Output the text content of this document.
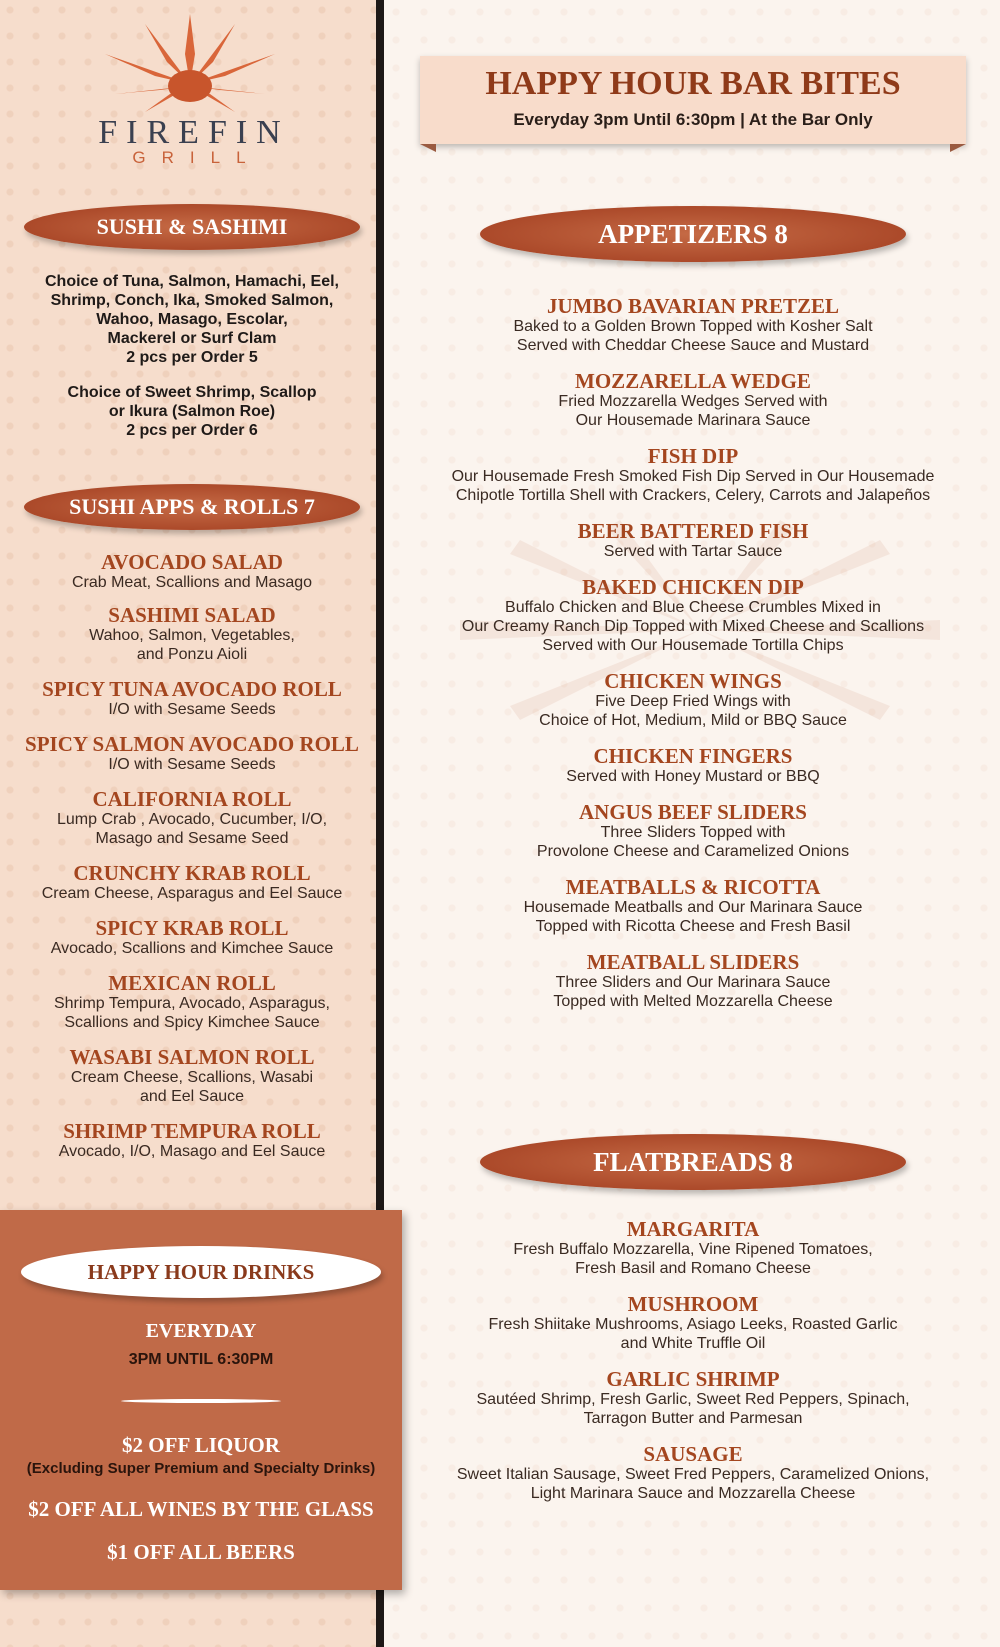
FIREFIN
GRILL
SUSHI & SASHIMI
Choice of Tuna, Salmon, Hamachi, Eel,
Shrimp, Conch, Ika, Smoked Salmon,
Wahoo, Masago, Escolar,
Mackerel or Surf Clam
2 pcs per Order 5
Choice of Sweet Shrimp, Scallop
or Ikura (Salmon Roe)
2 pcs per Order 6
SUSHI APPS & ROLLS 7
AVOCADO SALAD
Crab Meat, Scallions and Masago
SASHIMI SALAD
Wahoo, Salmon, Vegetables,
and Ponzu Aioli
SPICY TUNA AVOCADO ROLL
I/O with Sesame Seeds
SPICY SALMON AVOCADO ROLL
I/O with Sesame Seeds
CALIFORNIA ROLL
Lump Crab , Avocado, Cucumber, I/O,
Masago and Sesame Seed
CRUNCHY KRAB ROLL
Cream Cheese, Asparagus and Eel Sauce
SPICY KRAB ROLL
Avocado, Scallions and Kimchee Sauce
MEXICAN ROLL
Shrimp Tempura, Avocado, Asparagus,
Scallions and Spicy Kimchee Sauce
WASABI SALMON ROLL
Cream Cheese, Scallions, Wasabi
and Eel Sauce
SHRIMP TEMPURA ROLL
Avocado, I/O, Masago and Eel Sauce
HAPPY HOUR DRINKS
EVERYDAY
3PM UNTIL 6:30PM
$2 OFF LIQUOR
(Excluding Super Premium and Specialty Drinks)
$2 OFF ALL WINES BY THE GLASS
$1 OFF ALL BEERS
HAPPY HOUR BAR BITES
Everyday 3pm Until 6:30pm | At the Bar Only
APPETIZERS 8
JUMBO BAVARIAN PRETZEL
Baked to a Golden Brown Topped with Kosher Salt
Served with Cheddar Cheese Sauce and Mustard
MOZZARELLA WEDGE
Fried Mozzarella Wedges Served with
Our Housemade Marinara Sauce
FISH DIP
Our Housemade Fresh Smoked Fish Dip Served in Our Housemade
Chipotle Tortilla Shell with Crackers, Celery, Carrots and Jalapeños
BEER BATTERED FISH
Served with Tartar Sauce
BAKED CHICKEN DIP
Buffalo Chicken and Blue Cheese Crumbles Mixed in
Our Creamy Ranch Dip Topped with Mixed Cheese and Scallions
Served with Our Housemade Tortilla Chips
CHICKEN WINGS
Five Deep Fried Wings with
Choice of Hot, Medium, Mild or BBQ Sauce
CHICKEN FINGERS
Served with Honey Mustard or BBQ
ANGUS BEEF SLIDERS
Three Sliders Topped with
Provolone Cheese and Caramelized Onions
MEATBALLS & RICOTTA
Housemade Meatballs and Our Marinara Sauce
Topped with Ricotta Cheese and Fresh Basil
MEATBALL SLIDERS
Three Sliders and Our Marinara Sauce
Topped with Melted Mozzarella Cheese
FLATBREADS 8
MARGARITA
Fresh Buffalo Mozzarella, Vine Ripened Tomatoes,
Fresh Basil and Romano Cheese
MUSHROOM
Fresh Shiitake Mushrooms, Asiago Leeks, Roasted Garlic
and White Truffle Oil
GARLIC SHRIMP
Sautéed Shrimp, Fresh Garlic, Sweet Red Peppers, Spinach,
Tarragon Butter and Parmesan
SAUSAGE
Sweet Italian Sausage, Sweet Fred Peppers, Caramelized Onions,
Light Marinara Sauce and Mozzarella Cheese
